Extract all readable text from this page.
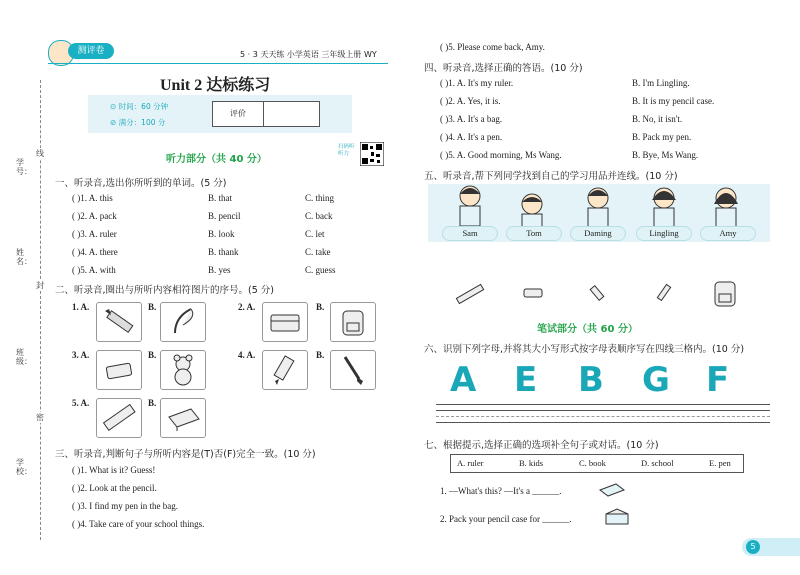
测评卷	5 · 3 天天练 小学英语 三年级上册 WY
Unit 2 达标练习
⊙ 时间：60 分钟
⊘ 满分：100 分
评价
听力部分（共 40 分）
扫码听听力
学号：
姓名：
班级：
学校：
线
封
密
一、听录音,选出你所听到的单词。(5 分)
( )1. A. this	B. that	C. thing
( )2. A. pack	B. pencil	C. back
( )3. A. ruler	B. look	C. let
( )4. A. there	B. thank	C. take
( )5. A. with	B. yes	C. guess
二、听录音,圈出与所听内容相符图片的序号。(5 分)
1. A.	B.	2. A.	B.
3. A.	B.	4. A.	B.
5. A.	B.
三、听录音,判断句子与所听内容是(T)否(F)完全一致。(10 分)
( )1. What is it? Guess!
( )2. Look at the pencil.
( )3. I find my pen in the bag.
( )4. Take care of your school things.
( )5. Please come back, Amy.
四、听录音,选择正确的答语。(10 分)
( )1. A. It's my ruler.	B. I'm Lingling.
( )2. A. Yes, it is.	B. It is my pencil case.
( )3. A. It's a bag.	B. No, it isn't.
( )4. A. It's a pen.	B. Pack my pen.
( )5. A. Good morning, Ms Wang.	B. Bye, Ms Wang.
五、听录音,帮下列同学找到自己的学习用品并连线。(10 分)
Sam	Tom	Daming	Lingling	Amy
笔试部分（共 60 分）
六、识别下列字母,并将其大小写形式按字母表顺序写在四线三格内。(10 分)
A	E	B	G F
七、根据提示,选择正确的选项补全句子或对话。(10 分)
A. ruler	B. kids	C. book	D. school	E. pen
1. —What's this? —It's a ______.
2. Pack your pencil case for ______.
5
